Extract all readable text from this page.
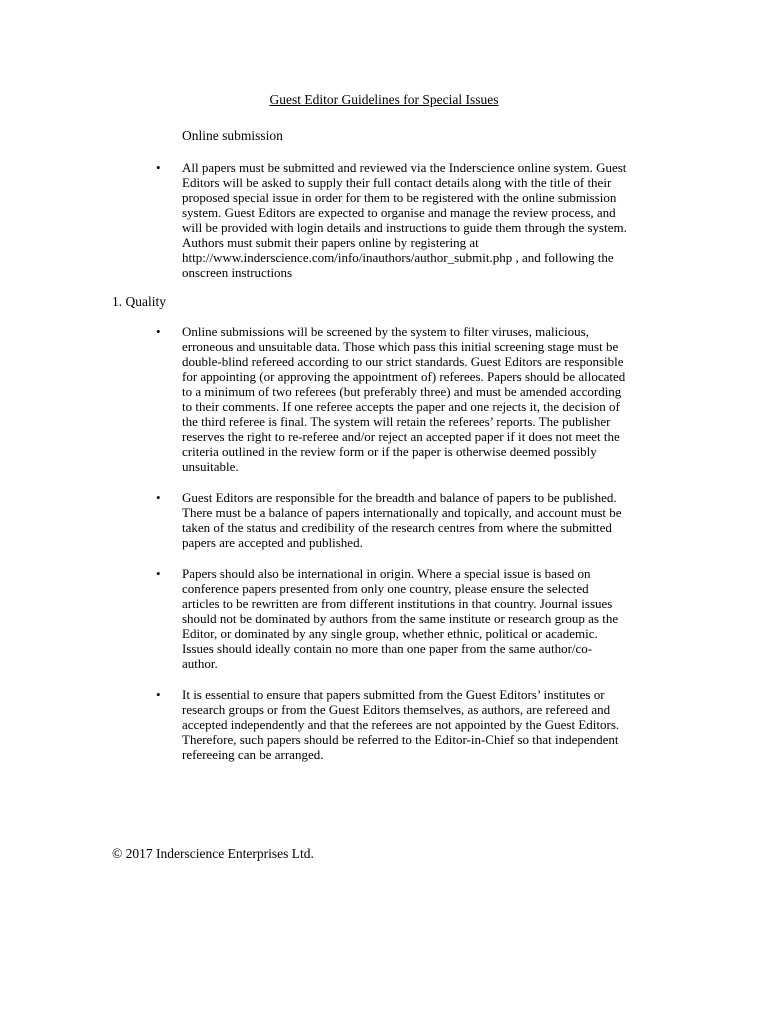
Guest Editor Guidelines for Special Issues
Online submission
• All papers must be submitted and reviewed via the Inderscience online system. Guest
Editors will be asked to supply their full contact details along with the title of their
proposed special issue in order for them to be registered with the online submission
system. Guest Editors are expected to organise and manage the review process, and
will be provided with login details and instructions to guide them through the system.
Authors must submit their papers online by registering at
http://www.inderscience.com/info/inauthors/author_submit.php , and following the
onscreen instructions
1. Quality
• Online submissions will be screened by the system to filter viruses, malicious,
erroneous and unsuitable data. Those which pass this initial screening stage must be
double-blind refereed according to our strict standards. Guest Editors are responsible
for appointing (or approving the appointment of) referees. Papers should be allocated
to a minimum of two referees (but preferably three) and must be amended according
to their comments. If one referee accepts the paper and one rejects it, the decision of
the third referee is final. The system will retain the referees’ reports. The publisher
reserves the right to re-referee and/or reject an accepted paper if it does not meet the
criteria outlined in the review form or if the paper is otherwise deemed possibly
unsuitable.
• Guest Editors are responsible for the breadth and balance of papers to be published.
There must be a balance of papers internationally and topically, and account must be
taken of the status and credibility of the research centres from where the submitted
papers are accepted and published.
• Papers should also be international in origin. Where a special issue is based on
conference papers presented from only one country, please ensure the selected
articles to be rewritten are from different institutions in that country. Journal issues
should not be dominated by authors from the same institute or research group as the
Editor, or dominated by any single group, whether ethnic, political or academic.
Issues should ideally contain no more than one paper from the same author/co-
author.
• It is essential to ensure that papers submitted from the Guest Editors’ institutes or
research groups or from the Guest Editors themselves, as authors, are refereed and
accepted independently and that the referees are not appointed by the Guest Editors.
Therefore, such papers should be referred to the Editor-in-Chief so that independent
refereeing can be arranged.
© 2017 Inderscience Enterprises Ltd.
